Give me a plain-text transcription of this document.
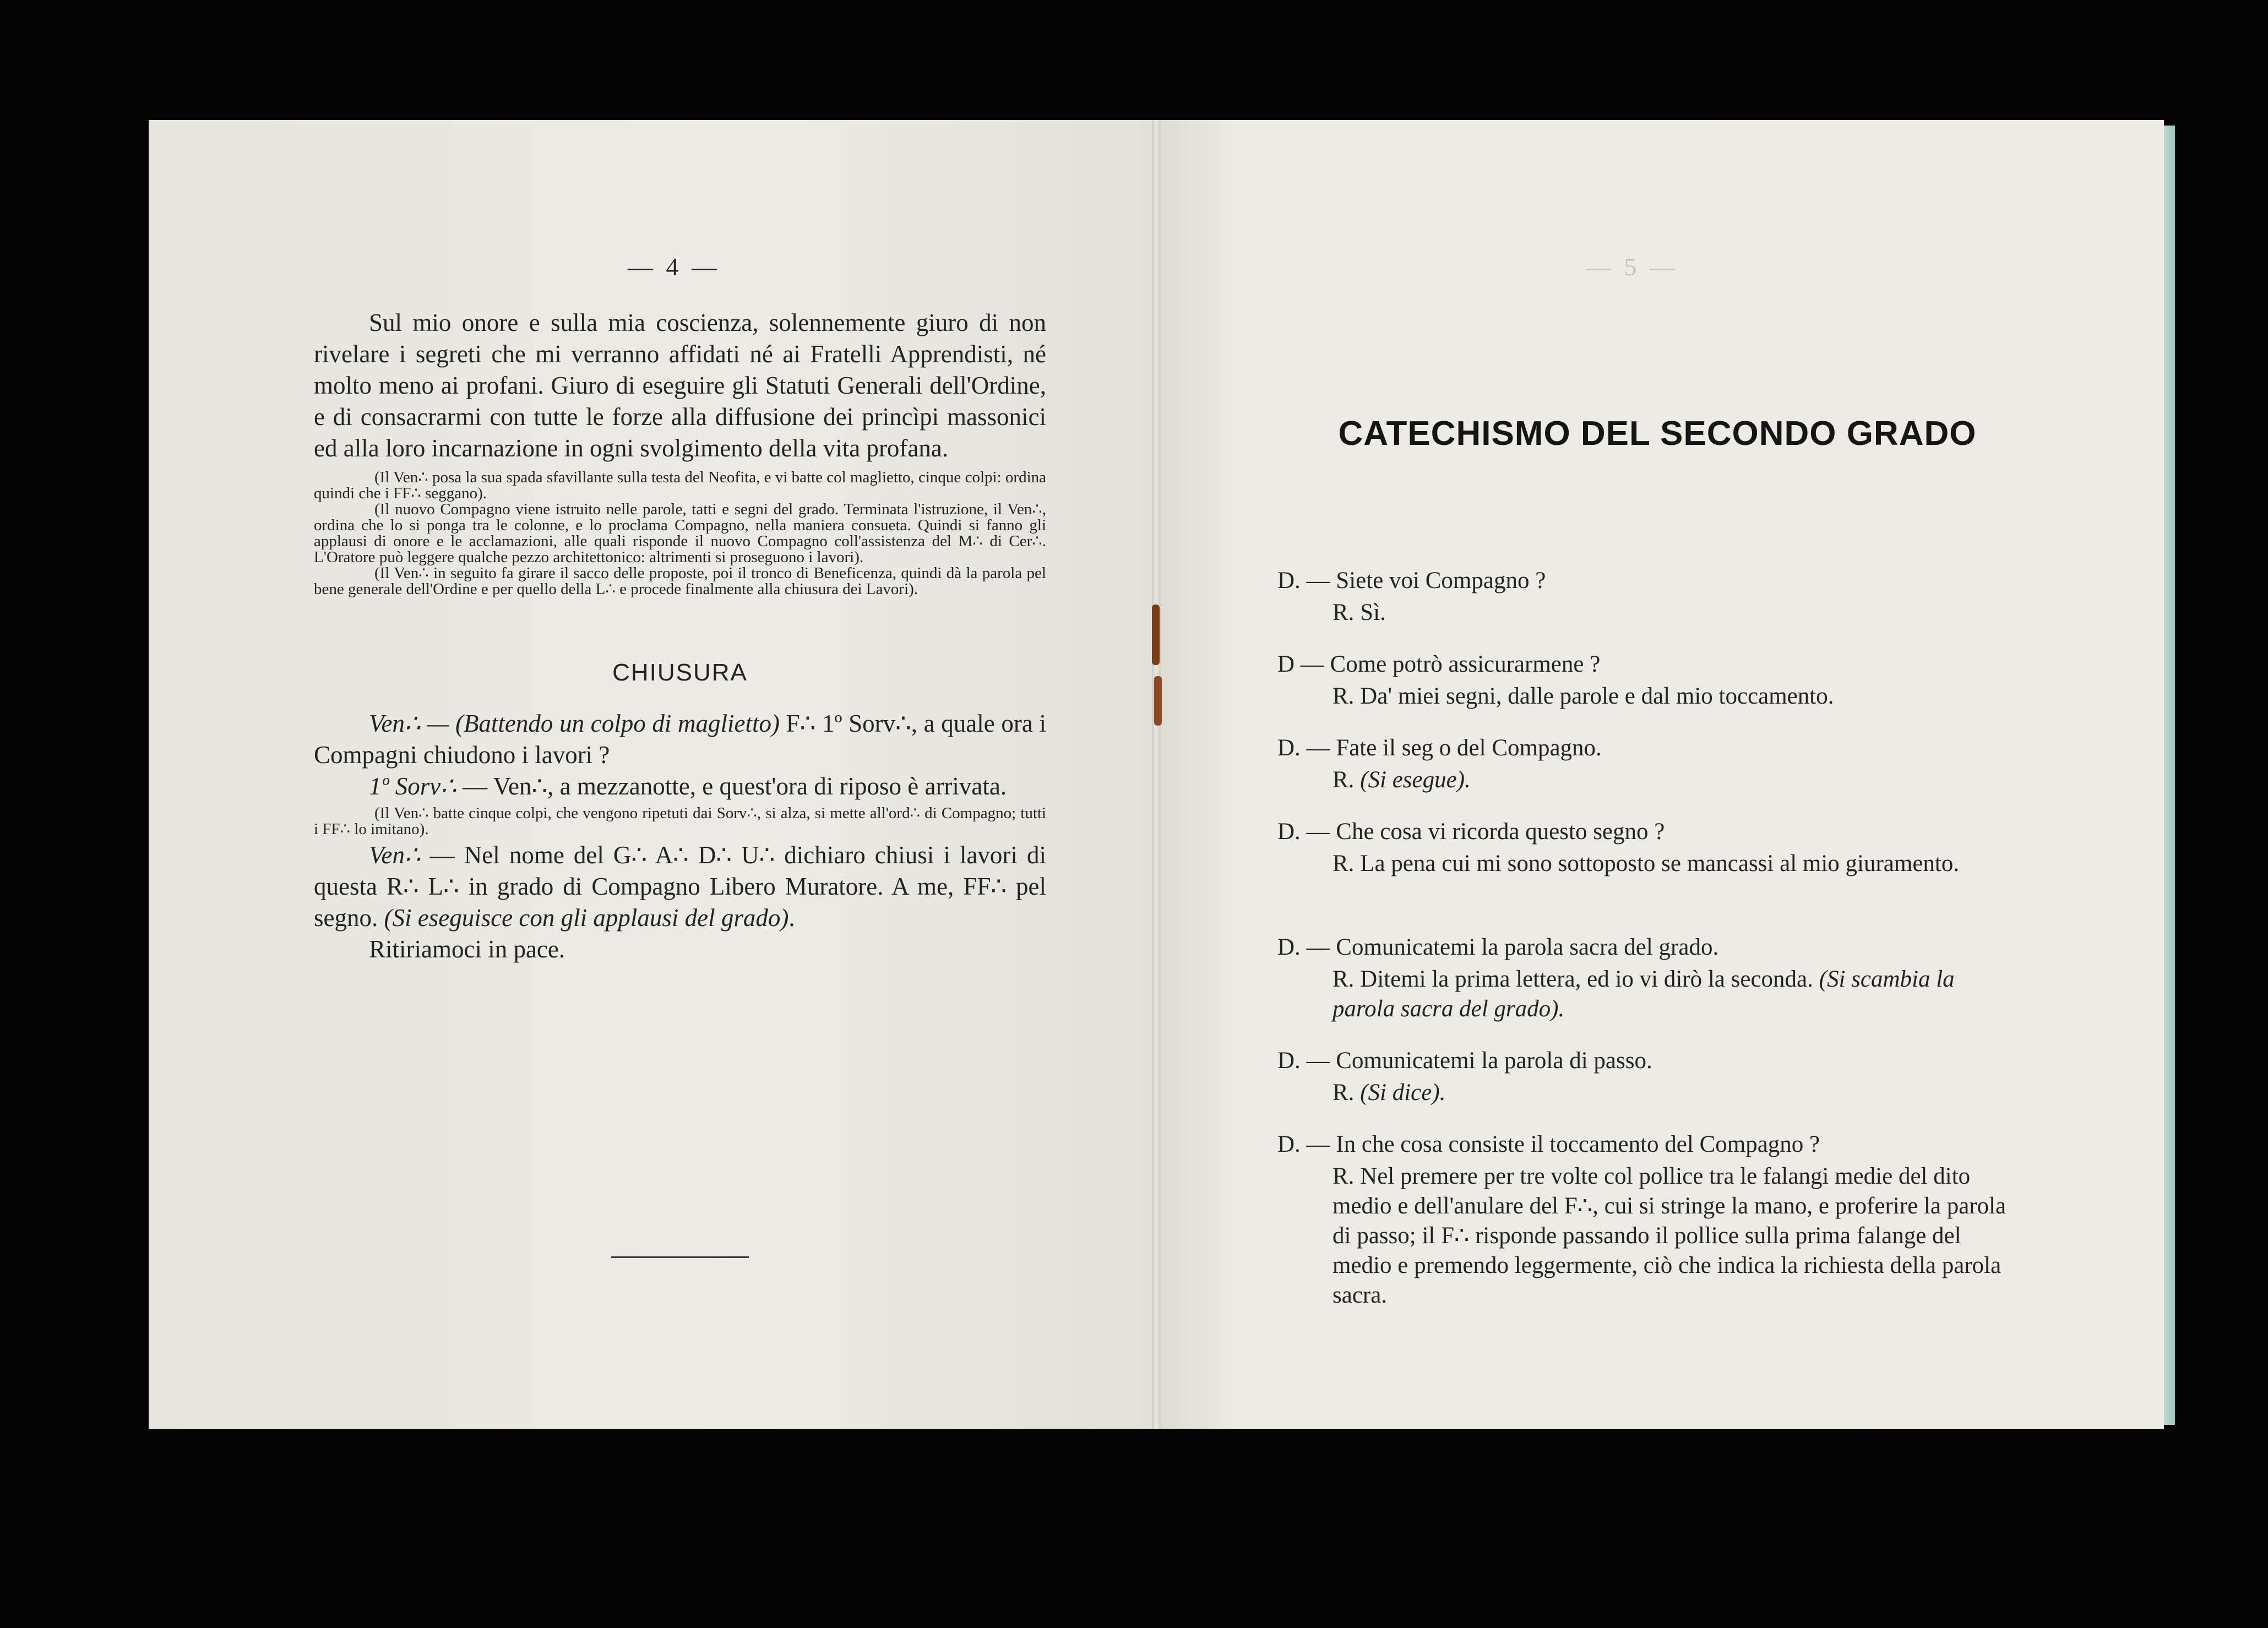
— 4 —

Sul mio onore e sulla mia coscienza, solennemente giuro di non rivelare i segreti che mi verranno affidati né ai Fratelli Apprendisti, né molto meno ai profani. Giuro di eseguire gli Statuti Generali dell'Ordine, e di consacrarmi con tutte le forze alla diffusione dei princìpi massonici ed alla loro incarnazione in ogni svolgimento della vita profana.

(Il Ven∴ posa la sua spada sfavillante sulla testa del Neofita, e vi batte col maglietto, cinque colpi: ordina quindi che i FF∴ seggano).

(Il nuovo Compagno viene istruito nelle parole, tatti e segni del grado. Terminata l'istruzione, il Ven∴, ordina che lo si ponga tra le colonne, e lo proclama Compagno, nella maniera consueta. Quindi si fanno gli applausi di onore e le acclamazioni, alle quali risponde il nuovo Compagno coll'assistenza del M∴ di Cer∴. L'Oratore può leggere qualche pezzo architettonico: altrimenti si proseguono i lavori).

(Il Ven∴ in seguito fa girare il sacco delle proposte, poi il tronco di Beneficenza, quindi dà la parola pel bene generale dell'Ordine e per quello della L∴ e procede finalmente alla chiusura dei Lavori).

CHIUSURA

Ven∴ — (Battendo un colpo di maglietto) F∴ 1º Sorv∴, a quale ora i Compagni chiudono i lavori ?

1º Sorv∴ — Ven∴, a mezzanotte, e quest'ora di riposo è arrivata.

(Il Ven∴ batte cinque colpi, che vengono ripetuti dai Sorv∴, si alza, si mette all'ord∴ di Compagno; tutti i FF∴ lo imitano).

Ven∴ — Nel nome del G∴ A∴ D∴ U∴ dichiaro chiusi i lavori di questa R∴ L∴ in grado di Compagno Libero Muratore. A me, FF∴ pel segno. (Si eseguisce con gli applausi del grado).

Ritiriamoci in pace.

— 5 —
CATECHISMO DEL SECONDO GRADO
D. — Siete voi Compagno ?
R. Sì.
D — Come potrò assicurarmene ?
R. Da' miei segni, dalle parole e dal mio toccamento.
D. — Fate il seg o del Compagno.
R. (Si esegue).
D. — Che cosa vi ricorda questo segno ?
R. La pena cui mi sono sottoposto se mancassi al mio giuramento.
D. — Comunicatemi la parola sacra del grado.
R. Ditemi la prima lettera, ed io vi dirò la seconda. (Si scambia la parola sacra del grado).
D. — Comunicatemi la parola di passo.
R. (Si dice).
D. — In che cosa consiste il toccamento del Compagno ?
R. Nel premere per tre volte col pollice tra le falangi medie del dito medio e dell'anulare del F∴, cui si stringe la mano, e proferire la parola di passo; il F∴ risponde passando il pollice sulla prima falange del medio e premendo leggermente, ciò che indica la richiesta della parola sacra.
